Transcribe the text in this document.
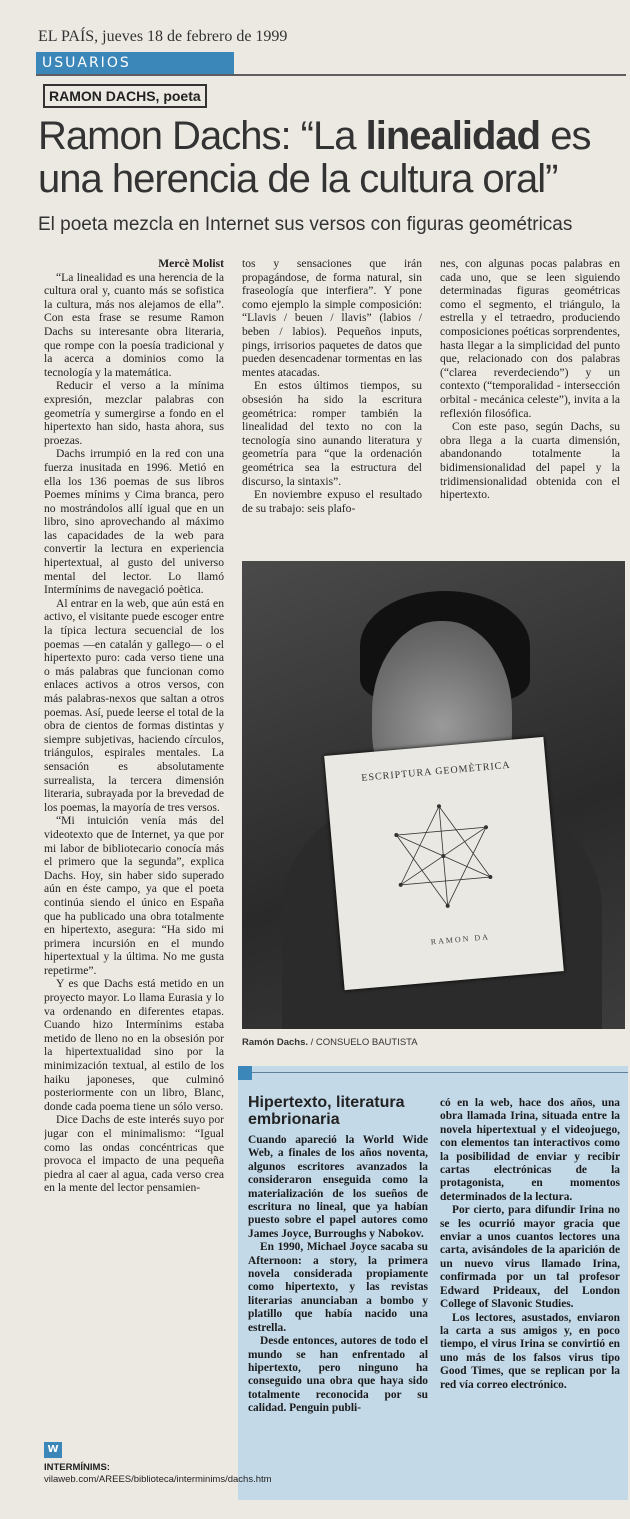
EL PAÍS, jueves 18 de febrero de 1999
USUARIOS
RAMON DACHS, poeta
Ramon Dachs: “La linealidad es una herencia de la cultura oral”
El poeta mezcla en Internet sus versos con figuras geométricas
Mercè Molist

“La linealidad es una herencia de la cultura oral y, cuanto más se sofistica la cultura, más nos alejamos de ella”. Con esta frase se resume Ramon Dachs su interesante obra literaria, que rompe con la poesía tradicional y la acerca a dominios como la tecnología y la matemática.

Reducir el verso a la mínima expresión, mezclar palabras con geometría y sumergirse a fondo en el hipertexto han sido, hasta ahora, sus proezas.

Dachs irrumpió en la red con una fuerza inusitada en 1996. Metió en ella los 136 poemas de sus libros Poemes mínims y Cima branca, pero no mostrándolos allí igual que en un libro, sino aprovechando al máximo las capacidades de la web para convertir la lectura en experiencia hipertextual, al gusto del universo mental del lector. Lo llamó Intermínims de navegació poètica.

Al entrar en la web, que aún está en activo, el visitante puede escoger entre la típica lectura secuencial de los poemas —en catalán y gallego— o el hipertexto puro: cada verso tiene una o más palabras que funcionan como enlaces activos a otros versos, con más palabras-nexos que saltan a otros poemas. Así, puede leerse el total de la obra de cientos de formas distintas y siempre subjetivas, haciendo círculos, triángulos, espirales mentales. La sensación es absolutamente surrealista, la tercera dimensión literaria, subrayada por la brevedad de los poemas, la mayoría de tres versos.

“Mi intuición venía más del videotexto que de Internet, ya que por mi labor de bibliotecario conocía más el primero que la segunda”, explica Dachs. Hoy, sin haber sido superado aún en éste campo, ya que el poeta continúa siendo el único en España que ha publicado una obra totalmente en hipertexto, asegura: “Ha sido mi primera incursión en el mundo hipertextual y la última. No me gusta repetirme”.

Y es que Dachs está metido en un proyecto mayor. Lo llama Eurasia y lo va ordenando en diferentes etapas. Cuando hizo Intermínims estaba metido de lleno no en la obsesión por la hipertextualidad sino por la minimización textual, al estilo de los haiku japoneses, que culminó posteriormente con un libro, Blanc, donde cada poema tiene un sólo verso.

Dice Dachs de este interés suyo por jugar con el minimalismo: “Igual como las ondas concéntricas que provoca el impacto de una pequeña piedra al caer al agua, cada verso crea en la mente del lector pensamien-

tos y sensaciones que irán propagándose, de forma natural, sin fraseología que interfiera”. Y pone como ejemplo la simple composición: “Llavis / beuen / llavis” (labios / beben / labios). Pequeños inputs, pings, irrisorios paquetes de datos que pueden desencadenar tormentas en las mentes atacadas.

En estos últimos tiempos, su obsesión ha sido la escritura geométrica: romper también la linealidad del texto no con la tecnología sino aunando literatura y geometría para “que la ordenación geométrica sea la estructura del discurso, la sintaxis”.

En noviembre expuso el resultado de su trabajo: seis plafo-

nes, con algunas pocas palabras en cada uno, que se leen siguiendo determinadas figuras geométricas como el segmento, el triángulo, la estrella y el tetraedro, produciendo composiciones poéticas sorprendentes, hasta llegar a la simplicidad del punto que, relacionado con dos palabras (“clarea reverdeciendo”) y un contexto (“temporalidad - intersección orbital - mecánica celeste”), invita a la reflexión filosófica.

Con este paso, según Dachs, su obra llega a la cuarta dimensión, abandonando totalmente la bidimensionalidad del papel y la tridimensionalidad obtenida con el hipertexto.

ESCRIPTURA GEOMÈTRICA
RAMON DA
Ramón Dachs. / CONSUELO BAUTISTA
Hipertexto, literatura embrionaria

Cuando apareció la World Wide Web, a finales de los años noventa, algunos escritores avanzados la consideraron enseguida como la materialización de los sueños de escritura no lineal, que ya habían puesto sobre el papel autores como James Joyce, Burroughs y Nabokov.

En 1990, Michael Joyce sacaba su Afternoon: a story, la primera novela considerada propiamente como hipertexto, y las revistas literarias anunciaban a bombo y platillo que había nacido una estrella.

Desde entonces, autores de todo el mundo se han enfrentado al hipertexto, pero ninguno ha conseguido una obra que haya sido totalmente reconocida por su calidad. Penguin publi-

có en la web, hace dos años, una obra llamada Irina, situada entre la novela hipertextual y el videojuego, con elementos tan interactivos como la posibilidad de enviar y recibir cartas electrónicas de la protagonista, en momentos determinados de la lectura.

Por cierto, para difundir Irina no se les ocurrió mayor gracia que enviar a unos cuantos lectores una carta, avisándoles de la aparición de un nuevo virus llamado Irina, confirmada por un tal profesor Edward Prideaux, del London College of Slavonic Studies.

Los lectores, asustados, enviaron la carta a sus amigos y, en poco tiempo, el virus Irina se convirtió en uno más de los falsos virus tipo Good Times, que se replican por la red vía correo electrónico.

W
INTERMÍNIMS: vilaweb.com/AREES/biblioteca/interminims/dachs.htm
